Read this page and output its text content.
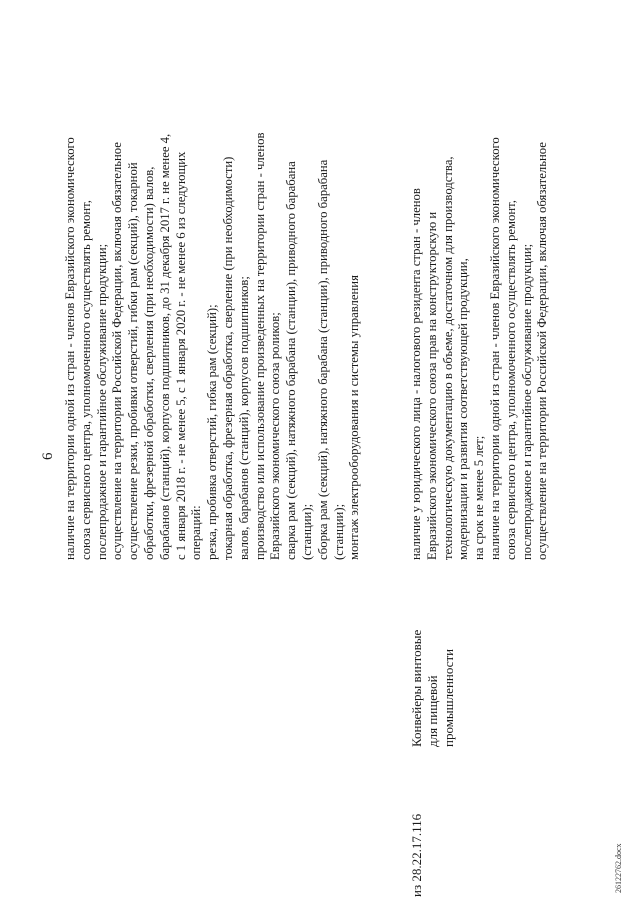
6 наличие на территории одной из стран - членов Евразийского экономического союза сервисного центра, уполномоченного осуществлять ремонт, послепродажное и гарантийное обслуживание продукции; осуществление на территории Российской Федерации, включая обязательное осуществление резки, пробивки отверстий, гибки рам (секций), токарной обработки, фрезерной обработки, сверления (при необходимости) валов, барабанов (станций), корпусов подшипников, до 31 декабря 2017 г. не менее 4, с 1 января 2018 г. - не менее 5, с 1 января 2020 г. - не менее 6 из следующих операций: резка, пробивка отверстий, гибка рам (секций); токарная обработка, фрезерная обработка, сверление (при необходимости) валов, барабанов (станций), корпусов подшипников; производство или использование произведенных на территории стран - членов Евразийского экономического союза роликов; сварка рам (секций), натяжного барабана (станции), приводного барабана (станции); сборка рам (секций), натяжного барабана (станции), приводного барабана (станции); монтаж электрооборудования и системы управления
из 28.22.17.116
Конвейеры винтовые для пищевой промышленности
наличие у юридического лица - налогового резидента стран - членов Евразийского экономического союза прав на конструкторскую и технологическую документацию в объеме, достаточном для производства, модернизации и развития соответствующей продукции, на срок не менее 5 лет; наличие на территории одной из стран - членов Евразийского экономического союза сервисного центра, уполномоченного осуществлять ремонт, послепродажное и гарантийное обслуживание продукции; осуществление на территории Российской Федерации, включая обязательное
26122762.docx
